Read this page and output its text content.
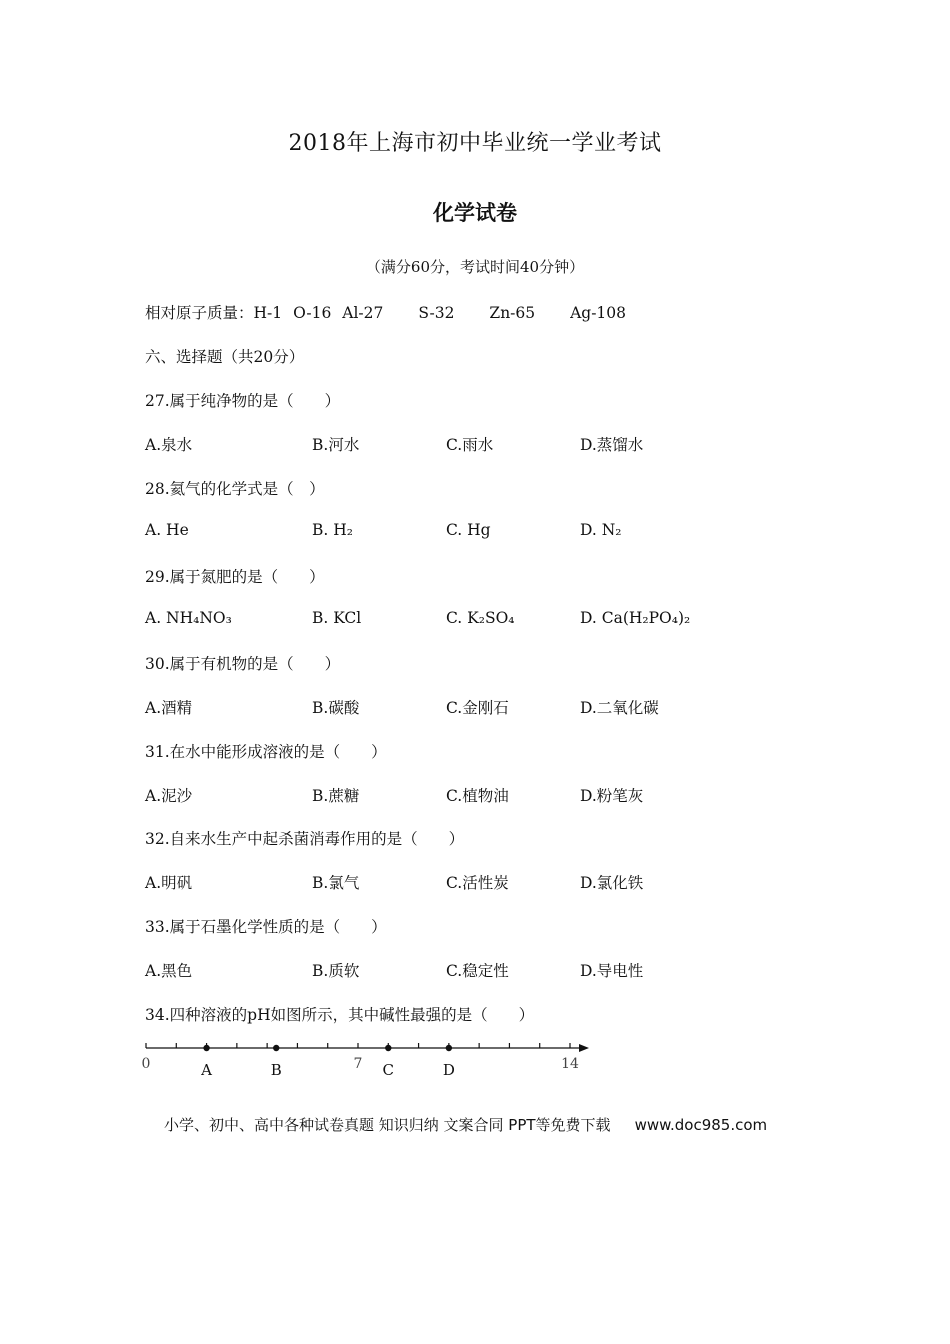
2018年上海市初中毕业统一学业考试
化学试卷
（满分60分，考试时间40分钟）
相对原子质量：H-1 O-16 Al-27 S-32 Zn-65 Ag-108
六、选择题（共20分）
27.属于纯净物的是（　　）
A.泉水	B.河水	C.雨水	D.蒸馏水
28.氦气的化学式是（　）
A. He	B. H₂	C. Hg	D. N₂
29.属于氮肥的是（　　）
A. NH₄NO₃	B. KCl	C. K₂SO₄	D. Ca(H₂PO₄)₂
30.属于有机物的是（　　）
A.酒精	B.碳酸	C.金刚石	D.二氧化碳
31.在水中能形成溶液的是（　　）
A.泥沙	B.蔗糖	C.植物油	D.粉笔灰
32.自来水生产中起杀菌消毒作用的是（　　）
A.明矾	B.氯气	C.活性炭	D.氯化铁
33.属于石墨化学性质的是（　　）
A.黑色	B.质软	C.稳定性	D.导电性
34.四种溶液的pH如图所示，其中碱性最强的是（　　）
0	7	14
A	B	C	D
小学、初中、高中各种试卷真题 知识归纳 文案合同 PPT等免费下载 www.doc985.com
